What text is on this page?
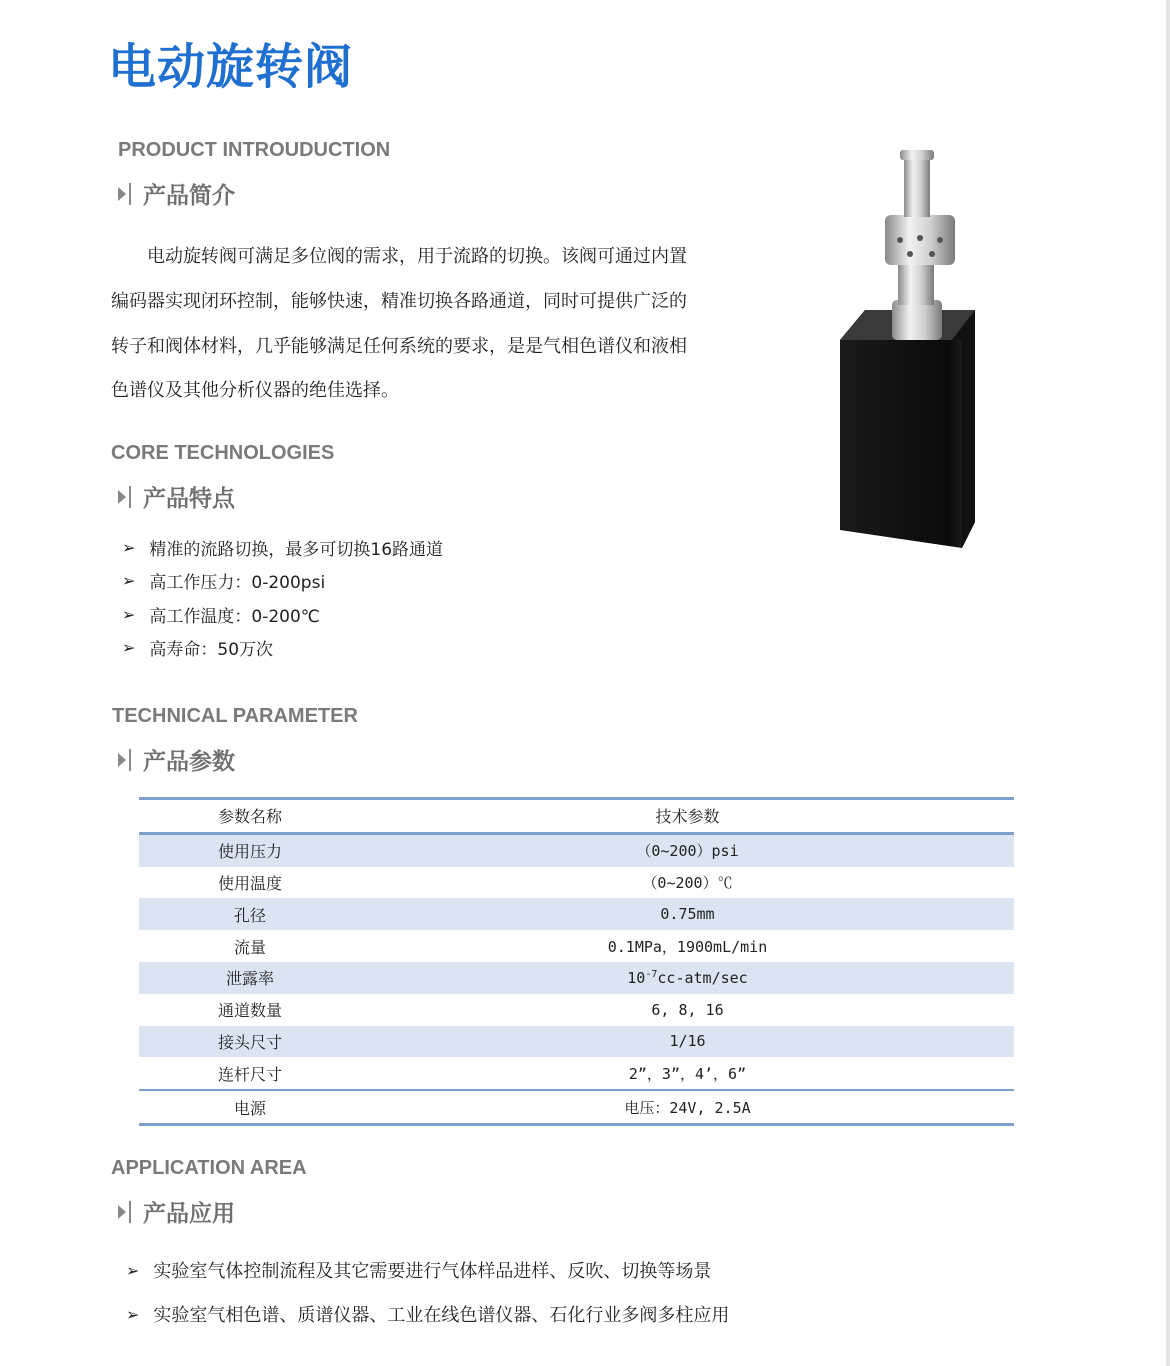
电动旋转阀
PRODUCT INTROUDUCTION
产品简介
　　电动旋转阀可满足多位阀的需求，用于流路的切换。该阀可通过内置
编码器实现闭环控制，能够快速，精准切换各路通道，同时可提供广泛的
转子和阀体材料，几乎能够满足任何系统的要求，是是气相色谱仪和液相
色谱仪及其他分析仪器的绝佳选择。
CORE TECHNOLOGIES
产品特点
➢ 精准的流路切换，最多可切换16路通道
➢ 高工作压力：0-200psi
➢ 高工作温度：0-200℃
➢ 高寿命：50万次
TECHNICAL PARAMETER
产品参数
参数名称	技术参数
使用压力	（0~200）psi
使用温度	（0~200）℃
孔径	0.75mm
流量	0.1MPa，1900mL/min
泄露率	$10^{-7}cc-atm/\sec$
通道数量	6, 8, 16
接头尺寸	1/16
连杆尺寸	2”，3”，4’，6”
电源	电压：24V, 2.5A
APPLICATION AREA
产品应用
➢ 实验室气体控制流程及其它需要进行气体样品进样、反吹、切换等场景
➢ 实验室气相色谱、质谱仪器、工业在线色谱仪器、石化行业多阀多柱应用
